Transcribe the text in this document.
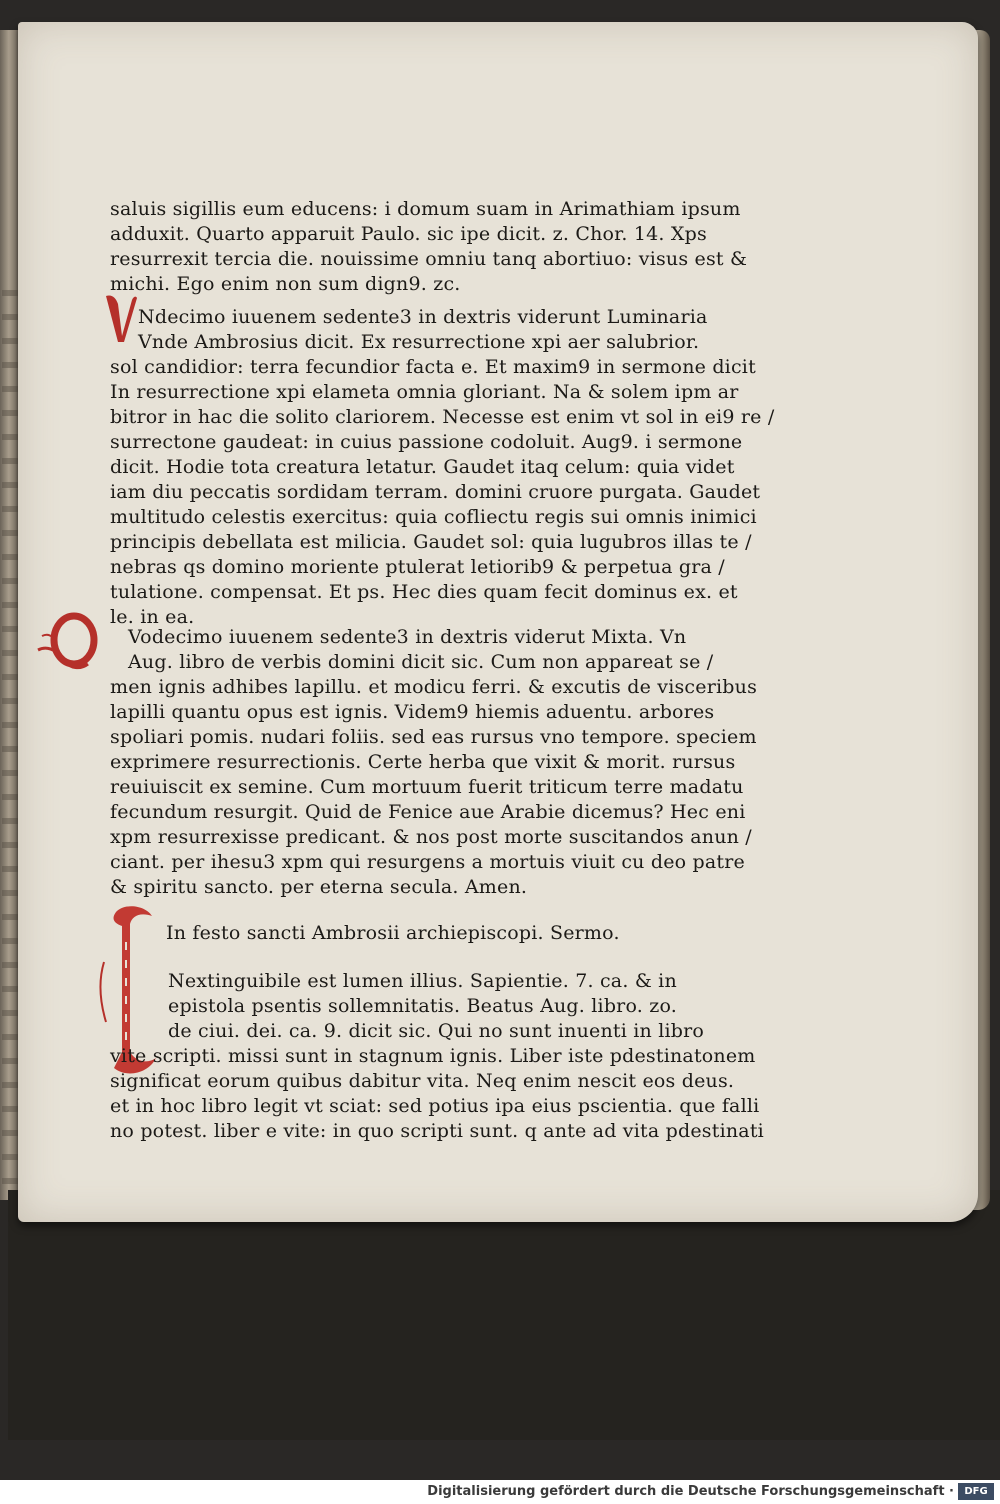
saluis sigillis eum educens: i domum suam in Arimathiam ipsum
adduxit. Quarto apparuit Paulo. sic ipe dicit. z. Chor. 14. Xps
resurrexit tercia die. nouissime omniu tanq abortiuo: visus est &
michi. Ego enim non sum dign9. zc.
Ndecimo iuuenem sedente3 in dextris viderunt Luminaria
Vnde Ambrosius dicit. Ex resurrectione xpi aer salubrior.
sol candidior: terra fecundior facta e. Et maxim9 in sermone dicit
In resurrectione xpi elameta omnia gloriant. Na & solem ipm ar
bitror in hac die solito clariorem. Necesse est enim vt sol in ei9 re /
surrectone gaudeat: in cuius passione codoluit. Aug9. i sermone
dicit. Hodie tota creatura letatur. Gaudet itaq celum: quia videt
iam diu peccatis sordidam terram. domini cruore purgata. Gaudet
multitudo celestis exercitus: quia cofliectu regis sui omnis inimici
principis debellata est milicia. Gaudet sol: quia lugubros illas te /
nebras qs domino moriente ptulerat letiorib9 & perpetua gra /
tulatione. compensat. Et ps. Hec dies quam fecit dominus ex. et
le. in ea.
Vodecimo iuuenem sedente3 in dextris viderut Mixta. Vn
Aug. libro de verbis domini dicit sic. Cum non appareat se /
men ignis adhibes lapillu. et modicu ferri. & excutis de visceribus
lapilli quantu opus est ignis. Videm9 hiemis aduentu. arbores
spoliari pomis. nudari foliis. sed eas rursus vno tempore. speciem
exprimere resurrectionis. Certe herba que vixit & morit. rursus
reuiuiscit ex semine. Cum mortuum fuerit triticum terre madatu
fecundum resurgit. Quid de Fenice aue Arabie dicemus? Hec eni
xpm resurrexisse predicant. & nos post morte suscitandos anun /
ciant. per ihesu3 xpm qui resurgens a mortuis viuit cu deo patre
& spiritu sancto. per eterna secula. Amen.
In festo sancti Ambrosii archiepiscopi. Sermo.
Nextinguibile est lumen illius. Sapientie. 7. ca. & in
epistola psentis sollemnitatis. Beatus Aug. libro. zo.
de ciui. dei. ca. 9. dicit sic. Qui no sunt inuenti in libro
vite scripti. missi sunt in stagnum ignis. Liber iste pdestinatonem
significat eorum quibus dabitur vita. Neq enim nescit eos deus.
et in hoc libro legit vt sciat: sed potius ipa eius pscientia. que falli
no potest. liber e vite: in quo scripti sunt. q ante ad vita pdestinati
Digitalisierung gefördert durch die Deutsche Forschungsgemeinschaft ·	DFG
